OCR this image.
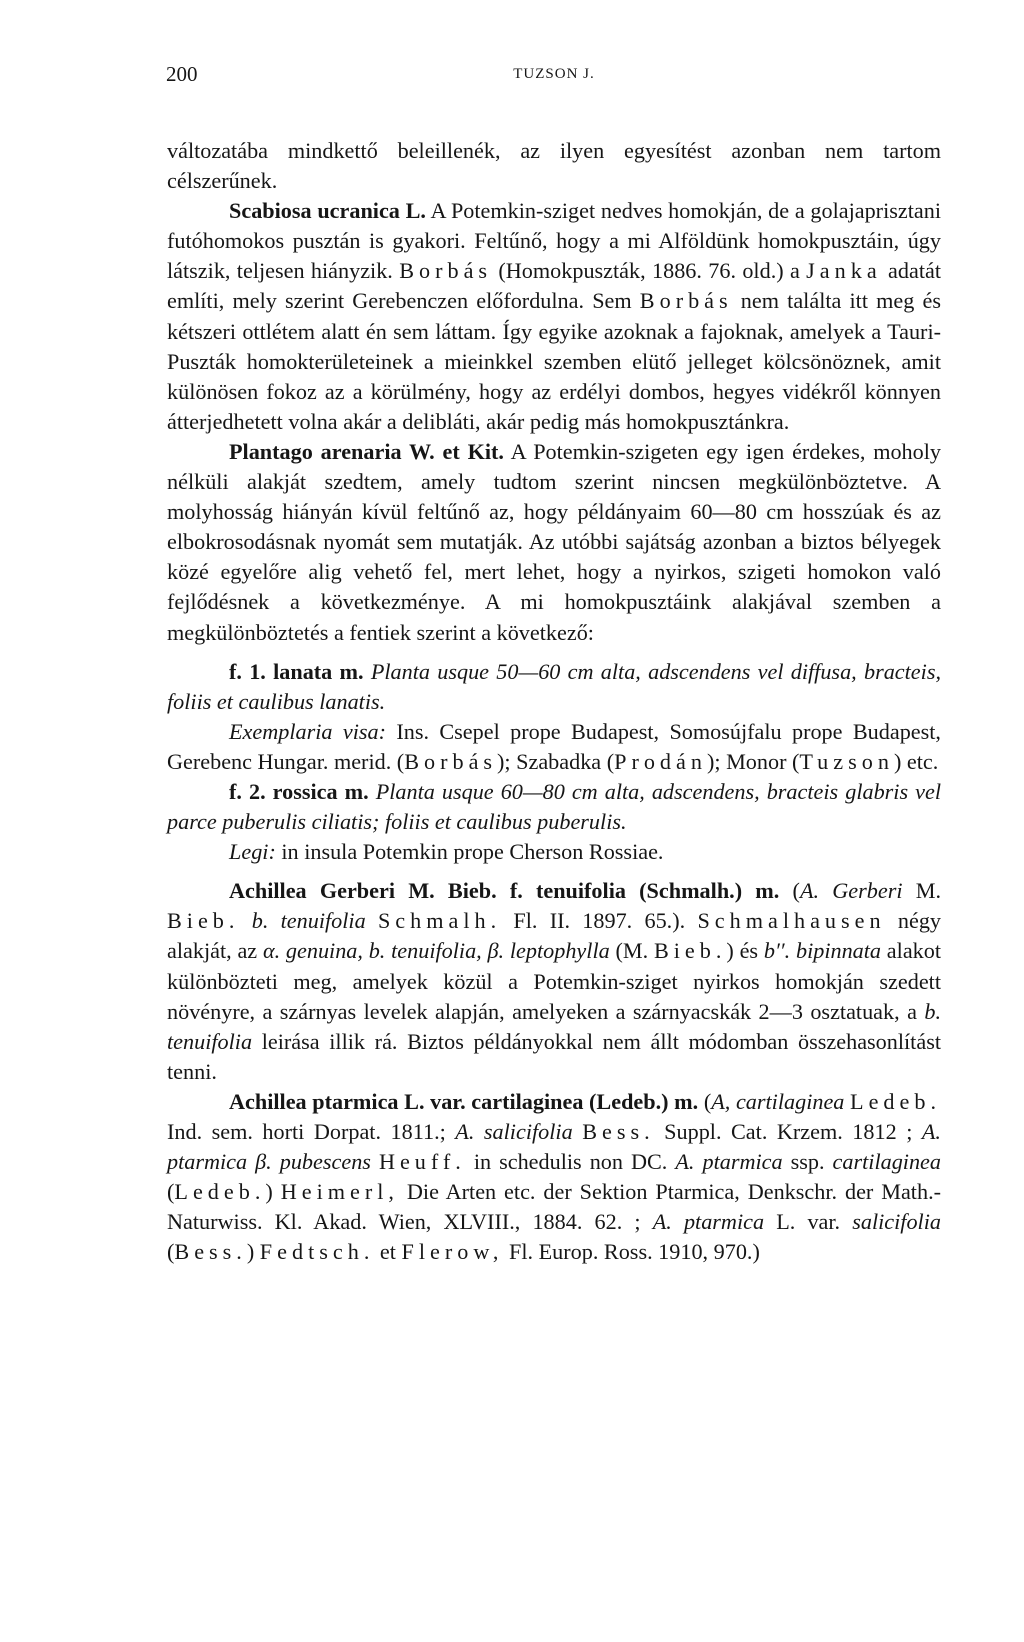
200	TUZSON J.

változatába mindkettő beleillenék, az ilyen egyesítést azonban nem tartom célszerűnek.

Scabiosa ucranica L. A Potemkin-sziget nedves homokján, de a golajaprisztani futóhomokos pusztán is gyakori. Feltűnő, hogy a mi Alföldünk homokpusztáin, úgy látszik, teljesen hiányzik. Borbás (Homokpuszták, 1886. 76. old.) a Janka adatát említi, mely szerint Gerebenczen előfordulna. Sem Borbás nem találta itt meg és kétszeri ottlétem alatt én sem láttam. Így egyike azoknak a fajoknak, amelyek a Tauri-Puszták homokterületeinek a mieinkkel szemben elütő jelleget kölcsönöznek, amit különösen fokoz az a körülmény, hogy az erdélyi dombos, hegyes vidékről könnyen átterjedhetett volna akár a delibláti, akár pedig más homokpusztánkra.

Plantago arenaria W. et Kit. A Potemkin-szigeten egy igen érdekes, moholy nélküli alakját szedtem, amely tudtom szerint nincsen megkülönböztetve. A molyhosság hiányán kívül feltűnő az, hogy példányaim 60—80 cm hosszúak és az elbokrosodásnak nyomát sem mutatják. Az utóbbi sajátság azonban a biztos bélyegek közé egyelőre alig vehető fel, mert lehet, hogy a nyirkos, szigeti homokon való fejlődésnek a következménye. A mi homokpusztáink alakjával szemben a megkülönböztetés a fentiek szerint a következő:

f. 1. lanata m. Planta usque 50—60 cm alta, adscendens vel diffusa, bracteis, foliis et caulibus lanatis.

Exemplaria visa: Ins. Csepel prope Budapest, Somosújfalu prope Budapest, Gerebenc Hungar. merid. (Borbás); Szabadka (Prodán); Monor (Tuzson) etc.

f. 2. rossica m. Planta usque 60—80 cm alta, adscendens, bracteis glabris vel parce puberulis ciliatis; foliis et caulibus puberulis.

Legi: in insula Potemkin prope Cherson Rossiae.

Achillea Gerberi M. Bieb. f. tenuifolia (Schmalh.) m. (A. Gerberi M. Bieb. b. tenuifolia Schmalh. Fl. II. 1897. 65.). Schmalhausen négy alakját, az α. genuina, b. tenuifolia, β. leptophylla (M. Bieb.) és b′′. bipinnata alakot különbözteti meg, amelyek közül a Potemkin-sziget nyirkos homokján szedett növényre, a szárnyas levelek alapján, amelyeken a szárnyacskák 2—3 osztatuak, a b. tenuifolia leirása illik rá. Biztos példányokkal nem állt módomban összehasonlítást tenni.

Achillea ptarmica L. var. cartilaginea (Ledeb.) m. (A, cartilaginea Ledeb. Ind. sem. horti Dorpat. 1811.; A. salicifolia Bess. Suppl. Cat. Krzem. 1812 ; A. ptarmica β. pubescens Heuff. in schedulis non DC. A. ptarmica ssp. cartilaginea (Ledeb.) Heimerl, Die Arten etc. der Sektion Ptarmica, Denkschr. der Math.-Naturwiss. Kl. Akad. Wien, XLVIII., 1884. 62. ; A. ptarmica L. var. salicifolia (Bess.) Fedtsch. et Flerow, Fl. Europ. Ross. 1910, 970.)
